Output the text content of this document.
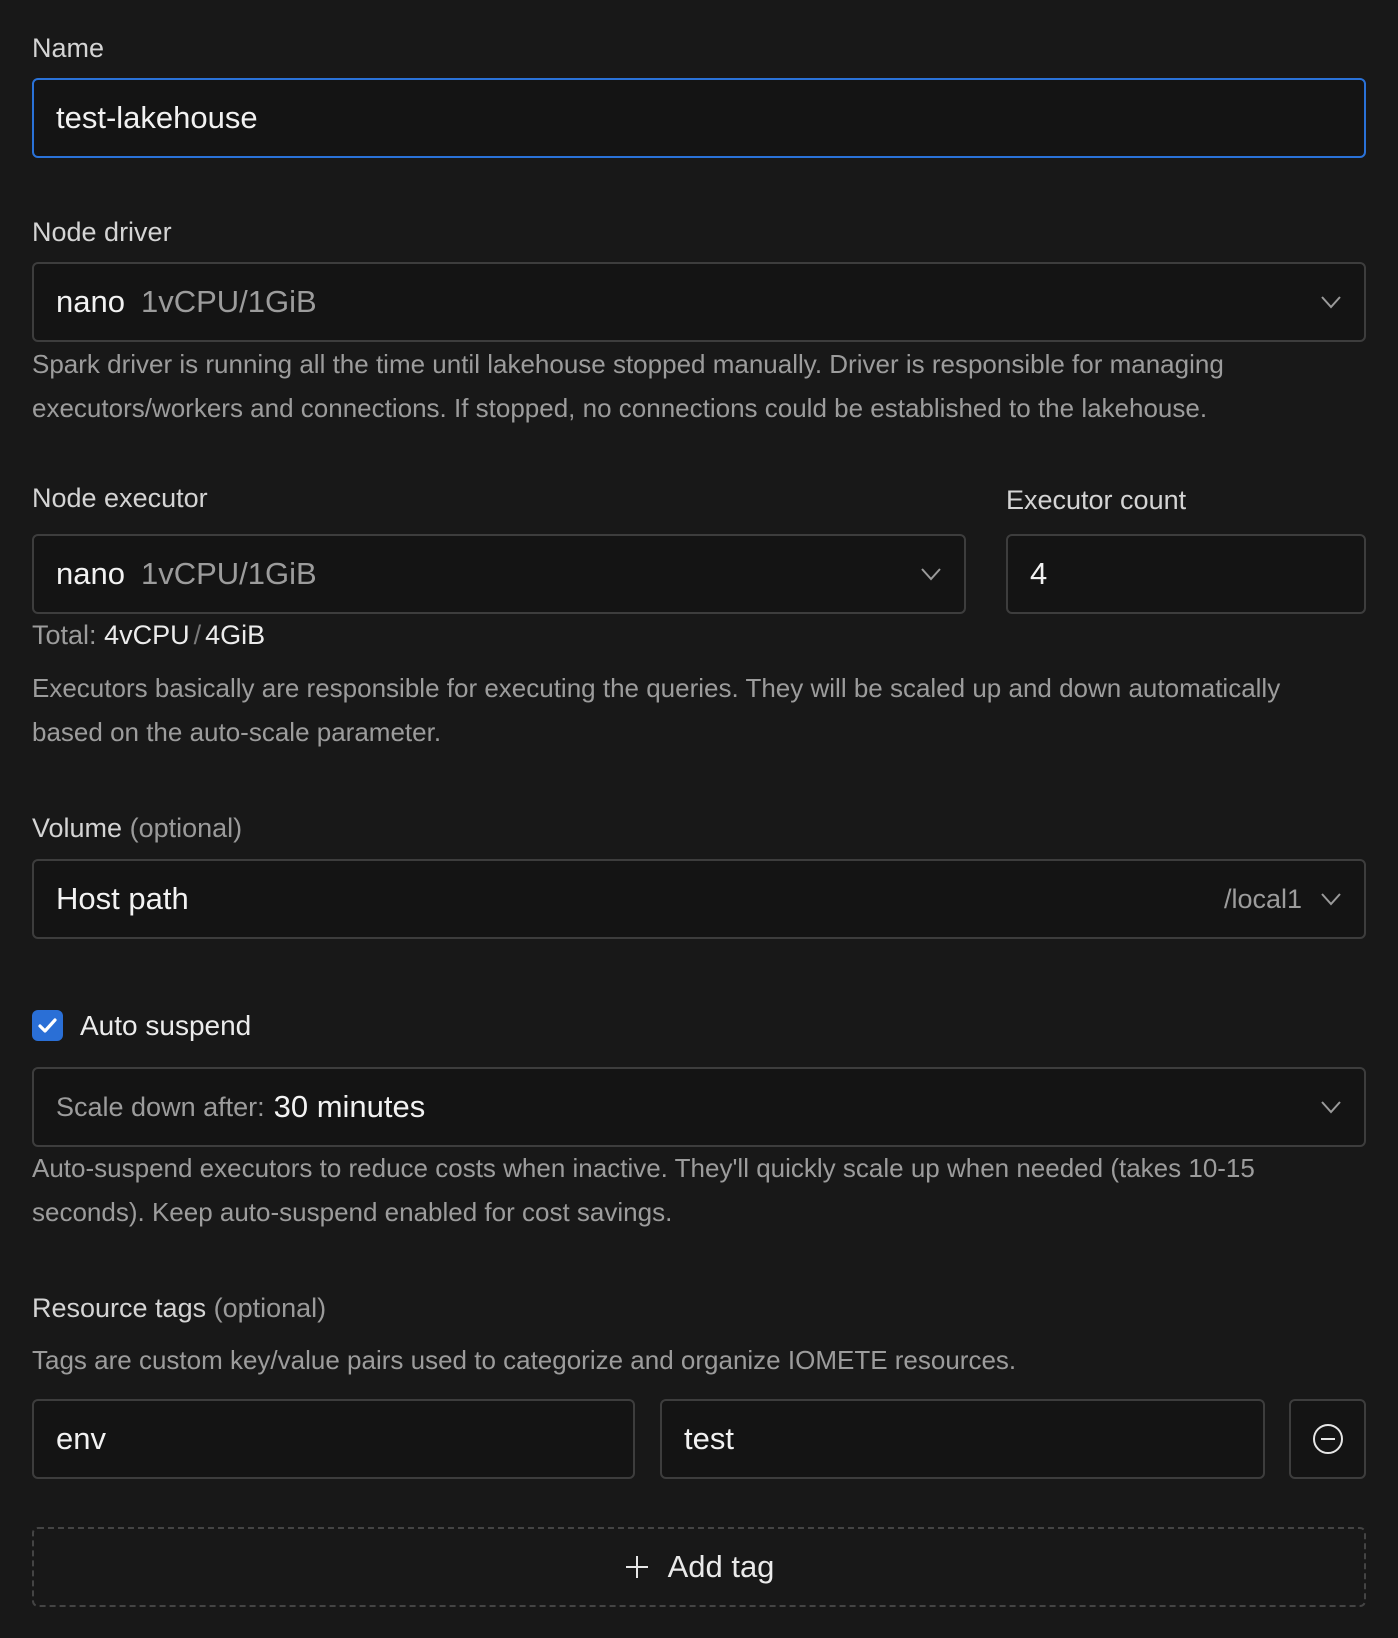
Name
test-lakehouse
Node driver
nano 1vCPU/1GiB
Spark driver is running all the time until lakehouse stopped manually. Driver is responsible for managing executors/workers and connections. If stopped, no connections could be established to the lakehouse.
Node executor
nano 1vCPU/1GiB
Executor count
4
Total: 4vCPU / 4GiB
Executors basically are responsible for executing the queries. They will be scaled up and down automatically based on the auto-scale parameter.
Volume (optional)
Host path	/local1
Auto suspend
Scale down after: 30 minutes
Auto-suspend executors to reduce costs when inactive. They'll quickly scale up when needed (takes 10-15 seconds). Keep auto-suspend enabled for cost savings.
Resource tags (optional)
Tags are custom key/value pairs used to categorize and organize IOMETE resources.
env
test
Add tag
